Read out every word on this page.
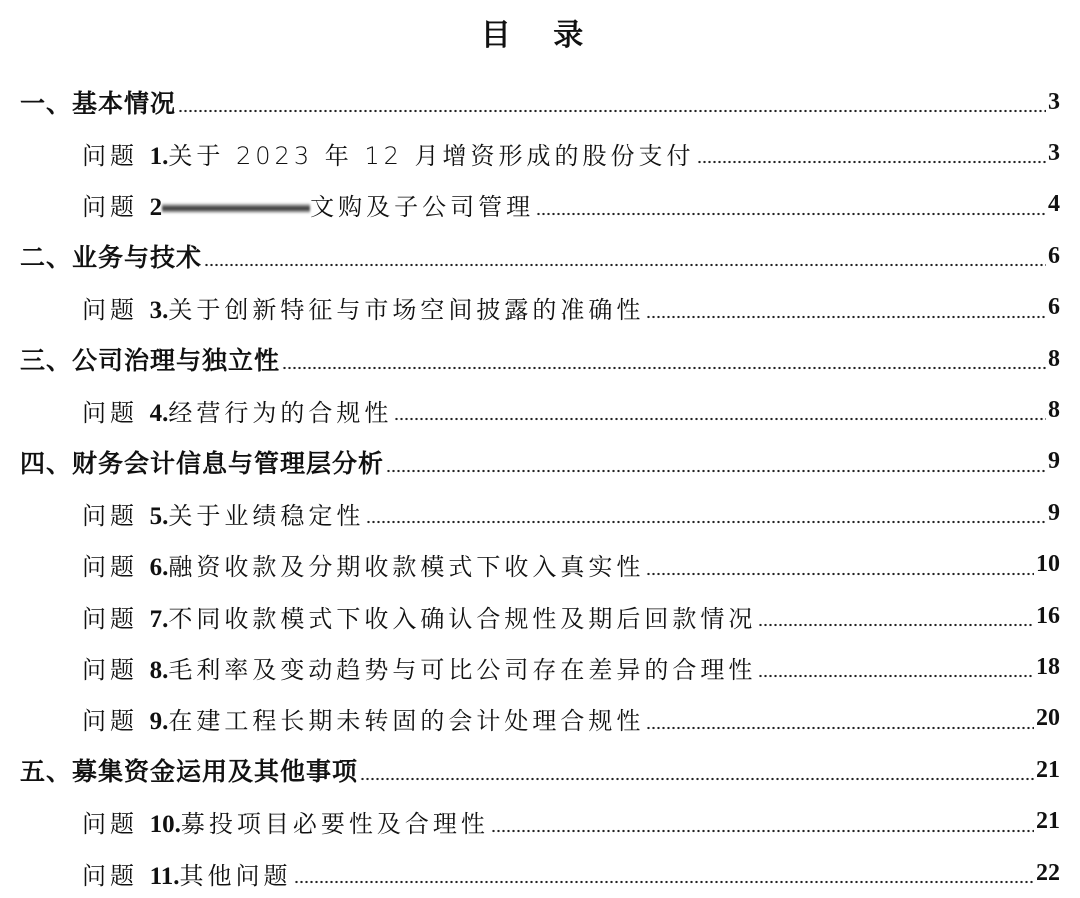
目 录
一、基本情况	3
问题 1.关于 2023 年 12 月增资形成的股份支付	3
问题 2	文购及子公司管理	4
二、业务与技术	6
问题 3.关于创新特征与市场空间披露的准确性	6
三、公司治理与独立性	8
问题 4.经营行为的合规性	8
四、财务会计信息与管理层分析	9
问题 5.关于业绩稳定性	9
问题 6.融资收款及分期收款模式下收入真实性	10
问题 7.不同收款模式下收入确认合规性及期后回款情况	16
问题 8.毛利率及变动趋势与可比公司存在差异的合理性	18
问题 9.在建工程长期未转固的会计处理合规性	20
五、募集资金运用及其他事项	21
问题 10.募投项目必要性及合理性	21
问题 11.其他问题	22
